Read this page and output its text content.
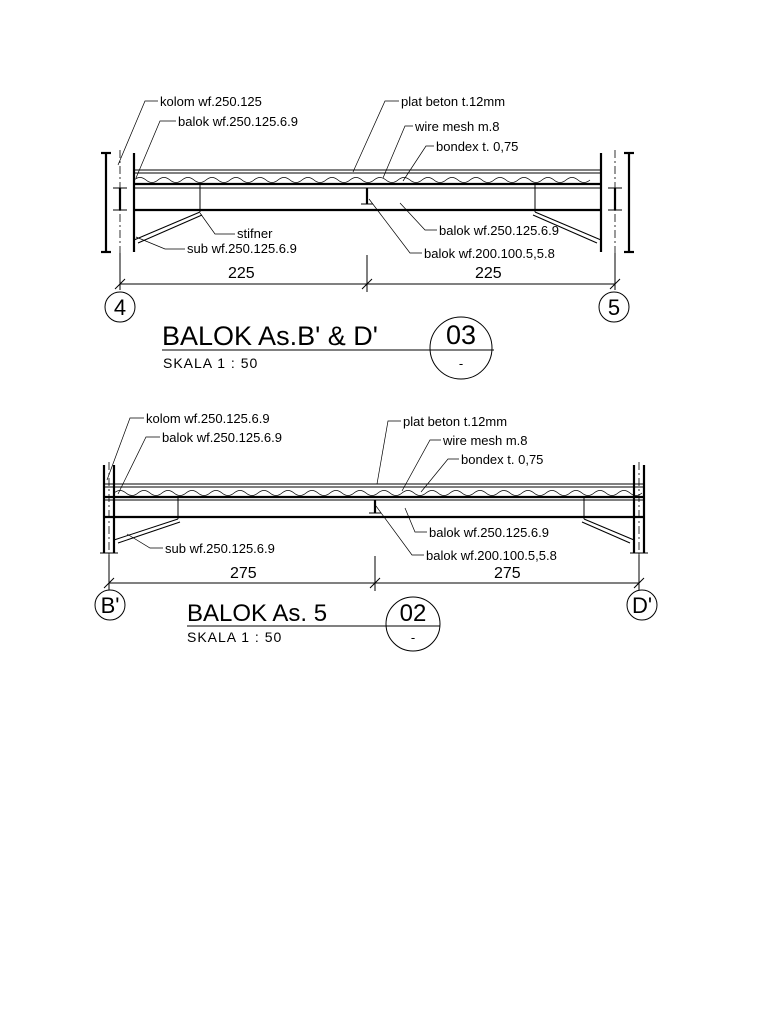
225	225
kolom wf.250.125
balok wf.250.125.6.9
plat beton t.12mm
wire mesh m.8
bondex t. 0,75
stifner
sub wf.250.125.6.9
balok wf.250.125.6.9
balok wf.200.100.5,5.8
4	5
BALOK As.B' & D'	03
-
SKALA 1 : 50
275	275
kolom wf.250.125.6.9
balok wf.250.125.6.9
plat beton t.12mm
wire mesh m.8
bondex t. 0,75
sub wf.250.125.6.9
balok wf.250.125.6.9
balok wf.200.100.5,5.8
B'	D'
BALOK As. 5	02
-
SKALA 1 : 50
